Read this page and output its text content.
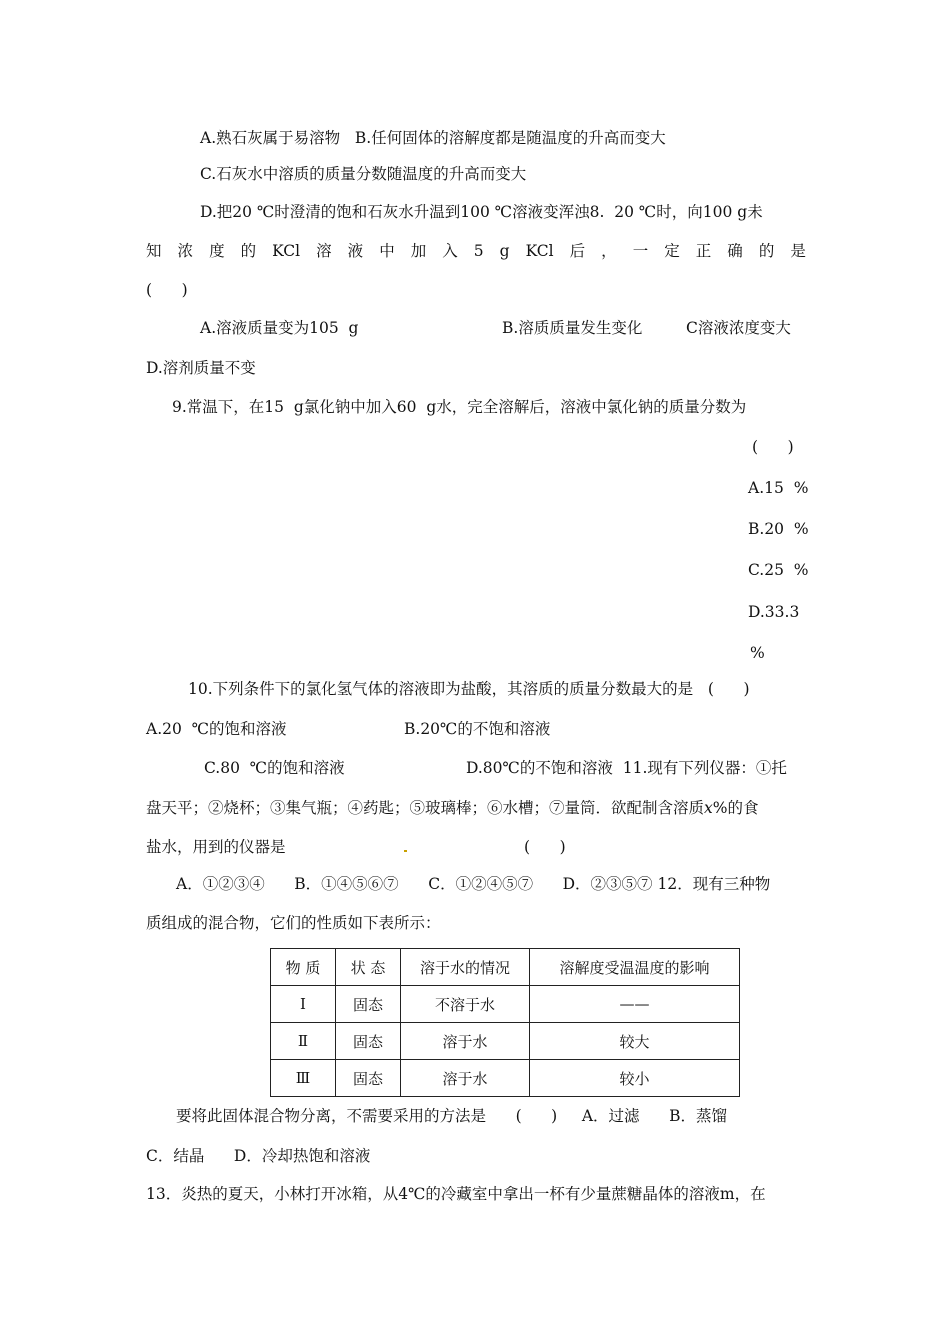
A.熟石灰属于易溶物   B.任何固体的溶解度都是随温度的升高而变大
C.石灰水中溶质的质量分数随温度的升高而变大
D.把20 ℃时澄清的饱和石灰水升温到100 ℃溶液变浑浊8.  20 ℃时，向100 g未
知 浓 度 的 KCl 溶 液 中 加 入 5 g KCl 后 ， 一 定 正 确 的 是
(      )
A.溶液质量变为105  g	B.溶质质量发生变化	C溶液浓度变大
D.溶剂质量不变
9.常温下，在15  g氯化钠中加入60  g水，完全溶解后，溶液中氯化钠的质量分数为
(      )
A.15  %
B.20  %
C.25  %
D.33.3
%
10.下列条件下的氯化氢气体的溶液即为盐酸，其溶质的质量分数最大的是   (      )
A.20  ℃的饱和溶液	B.20℃的不饱和溶液
C.80  ℃的饱和溶液	D.80℃的不饱和溶液  11.现有下列仪器：①托
盘天平；②烧杯；③集气瓶；④药匙；⑤玻璃棒；⑥水槽；⑦量筒．欲配制含溶质x%的食
盐水，用到的仪器是	(      )
A．①②③④      B．①④⑤⑥⑦      C．①②④⑤⑦      D．②③⑤⑦ 12．现有三种物
质组成的混合物，它们的性质如下表所示：
物 质	状 态	溶于水的情况	溶解度受温温度的影响
Ⅰ	固态	不溶于水	——
Ⅱ	固态	溶于水	较大
Ⅲ	固态	溶于水	较小
要将此固体混合物分离，不需要采用的方法是      (      )     A．过滤      B．蒸馏
C．结晶      D．冷却热饱和溶液
13．炎热的夏天，小林打开冰箱，从4℃的冷藏室中拿出一杯有少量蔗糖晶体的溶液m，在
